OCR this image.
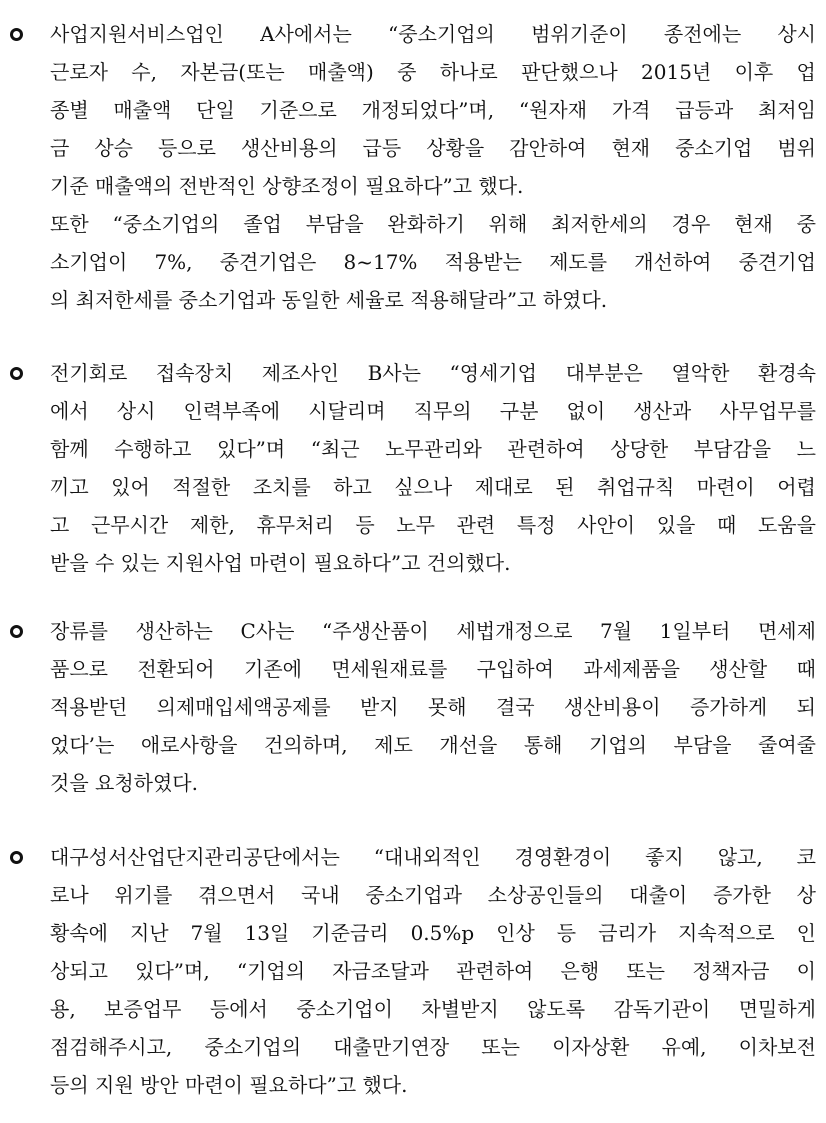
사업지원서비스업인 A사에서는 “중소기업의 범위기준이 종전에는 상시
근로자 수, 자본금(또는 매출액) 중 하나로 판단했으나 2015년 이후 업
종별 매출액 단일 기준으로 개정되었다”며, “원자재 가격 급등과 최저임
금 상승 등으로 생산비용의 급등 상황을 감안하여 현재 중소기업 범위
기준 매출액의 전반적인 상향조정이 필요하다”고 했다.
또한 “중소기업의 졸업 부담을 완화하기 위해 최저한세의 경우 현재 중
소기업이 7%, 중견기업은 8~17% 적용받는 제도를 개선하여 중견기업
의 최저한세를 중소기업과 동일한 세율로 적용해달라”고 하였다.
전기회로 접속장치 제조사인 B사는 “영세기업 대부분은 열악한 환경속
에서 상시 인력부족에 시달리며 직무의 구분 없이 생산과 사무업무를
함께 수행하고 있다”며 “최근 노무관리와 관련하여 상당한 부담감을 느
끼고 있어 적절한 조치를 하고 싶으나 제대로 된 취업규칙 마련이 어렵
고 근무시간 제한, 휴무처리 등 노무 관련 특정 사안이 있을 때 도움을
받을 수 있는 지원사업 마련이 필요하다”고 건의했다.
장류를 생산하는 C사는 “주생산품이 세법개정으로 7월 1일부터 면세제
품으로 전환되어 기존에 면세원재료를 구입하여 과세제품을 생산할 때
적용받던 의제매입세액공제를 받지 못해 결국 생산비용이 증가하게 되
었다’는 애로사항을 건의하며, 제도 개선을 통해 기업의 부담을 줄여줄
것을 요청하였다.
대구성서산업단지관리공단에서는 “대내외적인 경영환경이 좋지 않고, 코
로나 위기를 겪으면서 국내 중소기업과 소상공인들의 대출이 증가한 상
황속에 지난 7월 13일 기준금리 0.5%p 인상 등 금리가 지속적으로 인
상되고 있다”며, “기업의 자금조달과 관련하여 은행 또는 정책자금 이
용, 보증업무 등에서 중소기업이 차별받지 않도록 감독기관이 면밀하게
점검해주시고, 중소기업의 대출만기연장 또는 이자상환 유예, 이차보전
등의 지원 방안 마련이 필요하다”고 했다.
